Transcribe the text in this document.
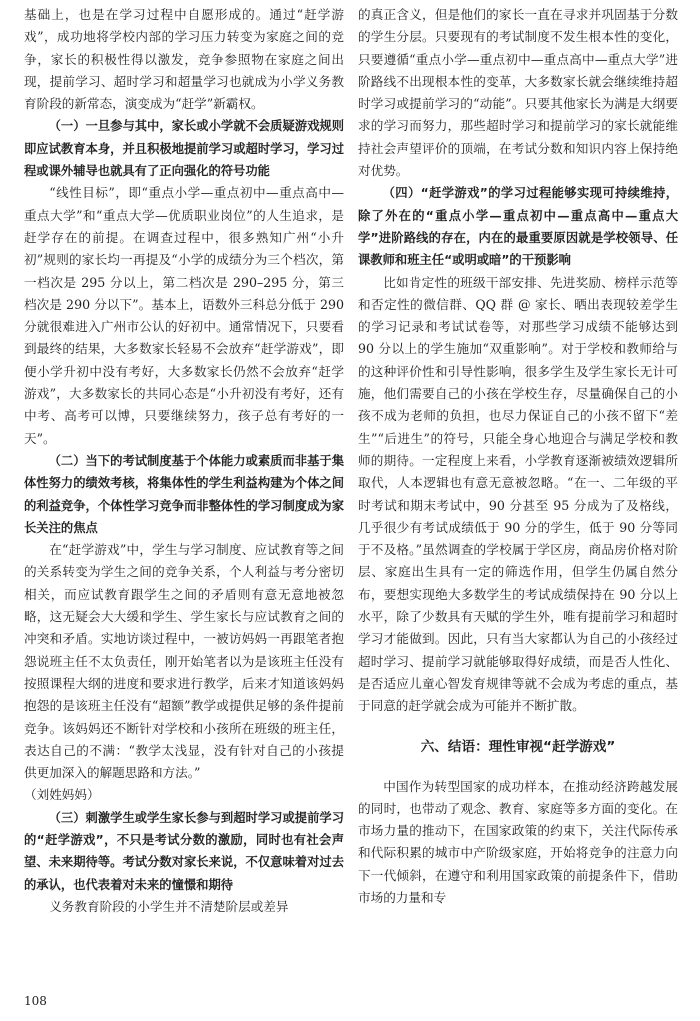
基础上，也是在学习过程中自愿形成的。通过“赶学游戏”，成功地将学校内部的学习压力转变为家庭之间的竞争，家长的积极性得以激发，竞争参照物在家庭之间出现，提前学习、超时学习和超量学习也就成为小学义务教育阶段的新常态，演变成为“赶学”新霸权。

（一）一旦参与其中，家长或小学就不会质疑游戏规则即应试教育本身，并且积极地提前学习或超时学习，学习过程或课外辅导也就具有了正向强化的符号功能

“线性目标”，即“重点小学—重点初中—重点高中—重点大学”和“重点大学—优质职业岗位”的人生追求，是赶学存在的前提。在调查过程中，很多熟知广州“小升初”规则的家长均一再提及“小学的成绩分为三个档次，第一档次是 295 分以上，第二档次是 290–295 分，第三档次是 290 分以下”。基本上，语数外三科总分低于 290 分就很难进入广州市公认的好初中。通常情况下，只要看到最终的结果，大多数家长轻易不会放弃“赶学游戏”，即便小学升初中没有考好，大多数家长仍然不会放弃“赶学游戏”，大多数家长的共同心态是“小升初没有考好，还有中考、高考可以博，只要继续努力，孩子总有考好的一天”。

（二）当下的考试制度基于个体能力或素质而非基于集体性努力的绩效考核，将集体性的学生利益构建为个体之间的利益竞争，个体性学习竞争而非整体性的学习制度成为家长关注的焦点

在“赶学游戏”中，学生与学习制度、应试教育等之间的关系转变为学生之间的竞争关系，个人利益与考分密切相关，而应试教育跟学生之间的矛盾则有意无意地被忽略，这无疑会大大缓和学生、学生家长与应试教育之间的冲突和矛盾。实地访谈过程中，一被访妈妈一再跟笔者抱怨说班主任不太负责任，刚开始笔者以为是该班主任没有按照课程大纲的进度和要求进行教学，后来才知道该妈妈抱怨的是该班主任没有“超额”教学或提供足够的条件提前竞争。该妈妈还不断针对学校和小孩所在班级的班主任，表达自己的不满：“教学太浅显，没有针对自己的小孩提供更加深入的解题思路和方法。”

（刘姓妈妈）

（三）刺激学生或学生家长参与到超时学习或提前学习的“赶学游戏”，不只是考试分数的激励，同时也有社会声望、未来期待等。考试分数对家长来说，不仅意味着对过去的承认，也代表着对未来的憧憬和期待

义务教育阶段的小学生并不清楚阶层或差异

的真正含义，但是他们的家长一直在寻求并巩固基于分数的学生分层。只要现有的考试制度不发生根本性的变化，只要遵循“重点小学—重点初中—重点高中—重点大学”进阶路线不出现根本性的变革，大多数家长就会继续维持超时学习或提前学习的“动能”。只要其他家长为满是大纲要求的学习而努力，那些超时学习和提前学习的家长就能维持社会声望评价的顶端，在考试分数和知识内容上保持绝对优势。

（四）“赶学游戏”的学习过程能够实现可持续维持，除了外在的“重点小学—重点初中—重点高中—重点大学”进阶路线的存在，内在的最重要原因就是学校领导、任课教师和班主任“或明或暗”的干预影响

比如肯定性的班级干部安排、先进奖励、榜样示范等和否定性的微信群、QQ 群 @ 家长、晒出表现较差学生的学习记录和考试试卷等，对那些学习成绩不能够达到 90 分以上的学生施加“双重影响”。对于学校和教师给与的这种评价性和引导性影响，很多学生及学生家长无计可施，他们需要自己的小孩在学校生存，尽量确保自己的小孩不成为老师的负担，也尽力保证自己的小孩不留下“差生”“后进生”的符号，只能全身心地迎合与满足学校和教师的期待。一定程度上来看，小学教育逐渐被绩效逻辑所取代，人本逻辑也有意无意被忽略。“在一、二年级的平时考试和期末考试中，90 分甚至 95 分成为了及格线，几乎很少有考试成绩低于 90 分的学生，低于 90 分等同于不及格。”虽然调查的学校属于学区房，商品房价格对阶层、家庭出生具有一定的筛选作用，但学生仍属自然分布，要想实现绝大多数学生的考试成绩保持在 90 分以上水平，除了少数具有天赋的学生外，唯有提前学习和超时学习才能做到。因此，只有当大家都认为自己的小孩经过超时学习、提前学习就能够取得好成绩，而是否人性化、是否适应儿童心智发育规律等就不会成为考虑的重点，基于同意的赶学就会成为可能并不断扩散。

六、结语：理性审视“赶学游戏”

中国作为转型国家的成功样本，在推动经济跨越发展的同时，也带动了观念、教育、家庭等多方面的变化。在市场力量的推动下，在国家政策的约束下，关注代际传承和代际积累的城市中产阶级家庭，开始将竞争的注意力向下一代倾斜，在遵守和利用国家政策的前提条件下，借助市场的力量和专

108
